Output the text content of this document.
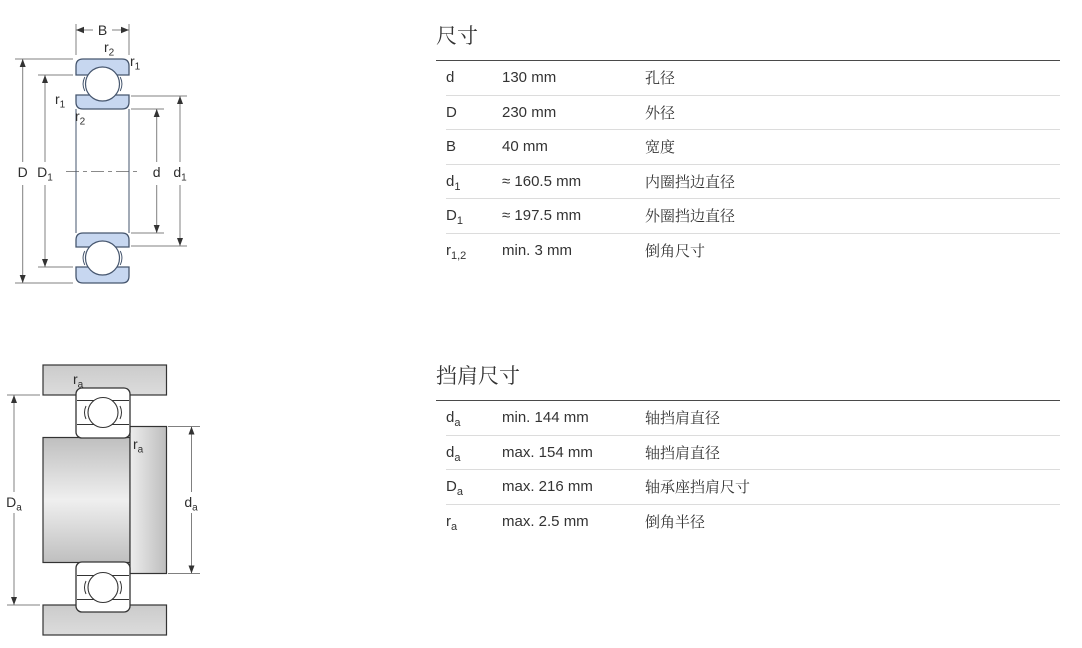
B
$r_2$ $r_1$
$r_1$
$r_2$
D $D_1$	d $d_1$
$r_a$
$r_a$
$D_a$	$d_a$
尺寸
d	130 mm	孔径
D	230 mm	外径
B	40 mm	宽度
$d_1$	≈ 160.5 mm	内圈挡边直径
$D_1$	≈ 197.5 mm	外圈挡边直径
$r_{1,2}$	min. 3 mm	倒角尺寸
挡肩尺寸
$d_a$	min. 144 mm	轴挡肩直径
$d_a$	max. 154 mm	轴挡肩直径
$D_a$	max. 216 mm	轴承座挡肩尺寸
$r_a$	max. 2.5 mm	倒角半径
